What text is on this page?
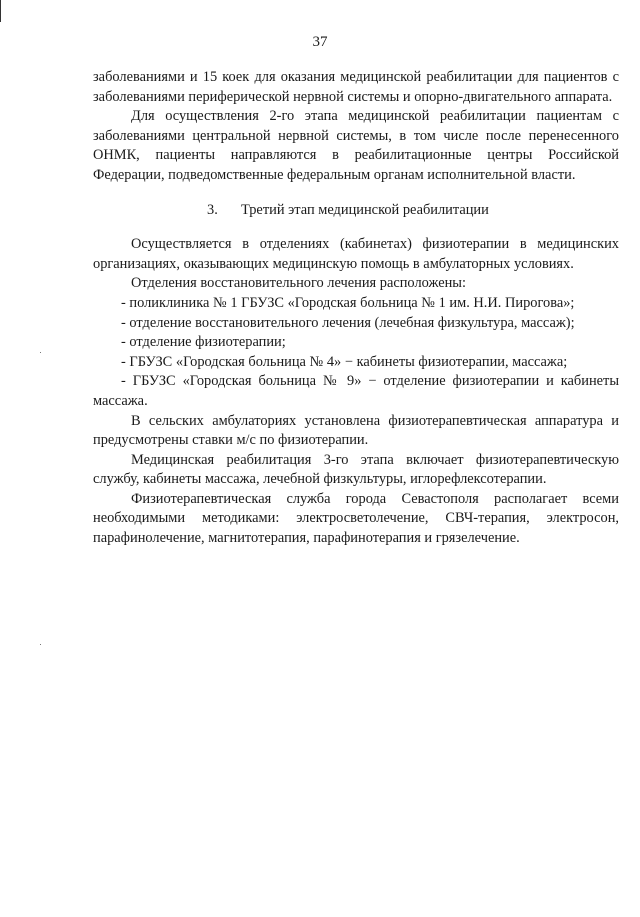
37

заболеваниями и 15 коек для оказания медицинской реабилитации для пациентов с заболеваниями периферической нервной системы и опорно-двигательного аппарата.

Для осуществления 2-го этапа медицинской реабилитации пациентам с заболеваниями центральной нервной системы, в том числе после перенесенного ОНМК, пациенты направляются в реабилитационные центры Российской Федерации, подведомственные федеральным органам исполнительной власти.

3. Третий этап медицинской реабилитации

Осуществляется в отделениях (кабинетах) физиотерапии в медицинских организациях, оказывающих медицинскую помощь в амбулаторных условиях.

Отделения восстановительного лечения расположены:

- поликлиника № 1 ГБУЗС «Городская больница № 1 им. Н.И. Пирогова»;

- отделение восстановительного лечения (лечебная физкультура, массаж);

- отделение физиотерапии;

- ГБУЗС «Городская больница № 4» − кабинеты физиотерапии, массажа;

- ГБУЗС «Городская больница № 9» − отделение физиотерапии и кабинеты массажа.

В сельских амбулаториях установлена физиотерапевтическая аппаратура и предусмотрены ставки м/с по физиотерапии.

Медицинская реабилитация 3-го этапа включает физиотерапевтическую службу, кабинеты массажа, лечебной физкультуры, иглорефлексотерапии.

Физиотерапевтическая служба города Севастополя располагает всеми необходимыми методиками: электросветолечение, СВЧ-терапия, электросон, парафинолечение, магнитотерапия, парафинотерапия и грязелечение.
